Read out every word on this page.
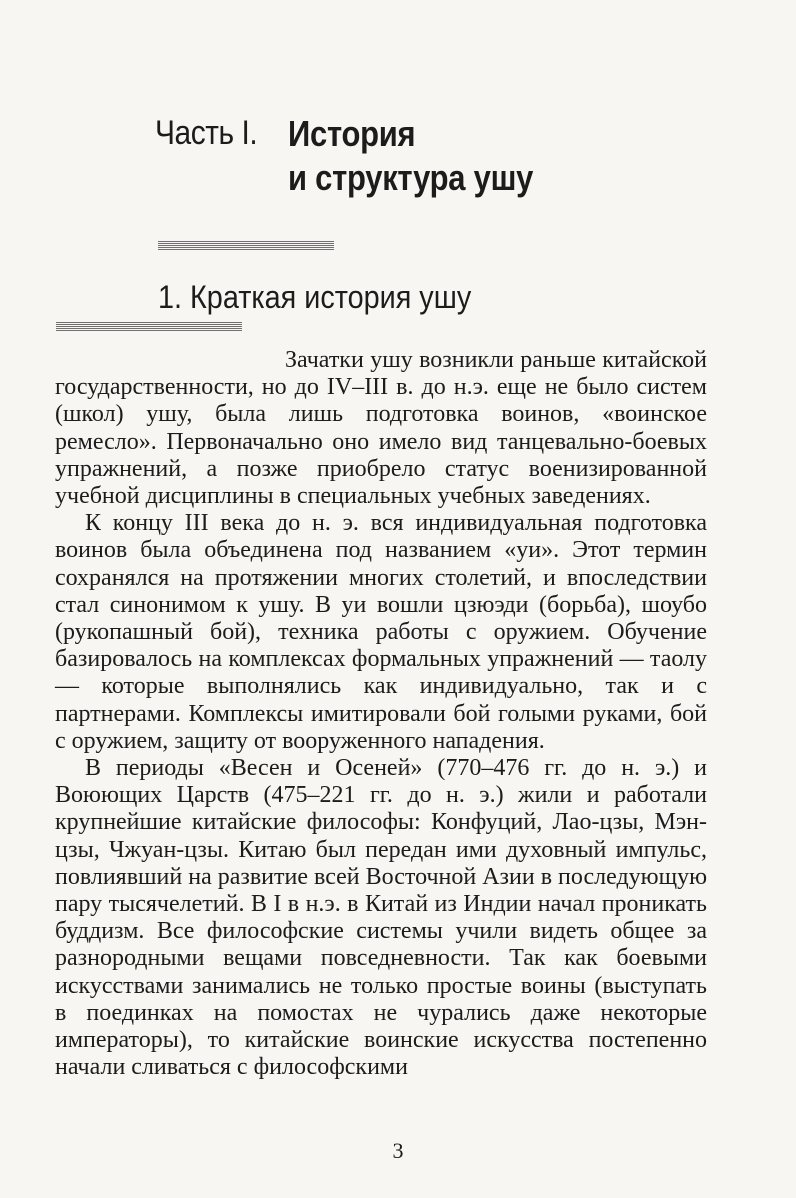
Часть I. История
и структура ушу
1. Краткая история ушу

Зачатки ушу возникли раньше китайской государственности, но до IV–III в. до н.э. еще не было систем (школ) ушу, была лишь подготовка воинов, «воинское ремесло». Первоначально оно имело вид танцевально-боевых упражнений, а позже приобрело статус военизированной учебной дисциплины в специальных учебных заведениях.

К концу III века до н. э. вся индивидуальная подготовка воинов была объединена под названием «уи». Этот термин сохранялся на протяжении многих столетий, и впоследствии стал синонимом к ушу. В уи вошли цзюэди (борьба), шоубо (рукопашный бой), техника работы с оружием. Обучение базировалось на комплексах формальных упражнений — таолу — которые выполнялись как индивидуально, так и с партнерами. Комплексы имитировали бой голыми руками, бой с оружием, защиту от вооруженного нападения.

В периоды «Весен и Осеней» (770–476 гг. до н. э.) и Воюющих Царств (475–221 гг. до н. э.) жили и работали крупнейшие китайские философы: Конфуций, Лао-цзы, Мэн-цзы, Чжуан-цзы. Китаю был передан ими духовный импульс, повлиявший на развитие всей Восточной Азии в последующую пару тысячелетий. В I в н.э. в Китай из Индии начал проникать буддизм. Все философские системы учили видеть общее за разнородными вещами повседневности. Так как боевыми искусствами занимались не только простые воины (выступать в поединках на помостах не чурались даже некоторые императоры), то китайские воинские искусства постепенно начали сливаться с философскими

3
